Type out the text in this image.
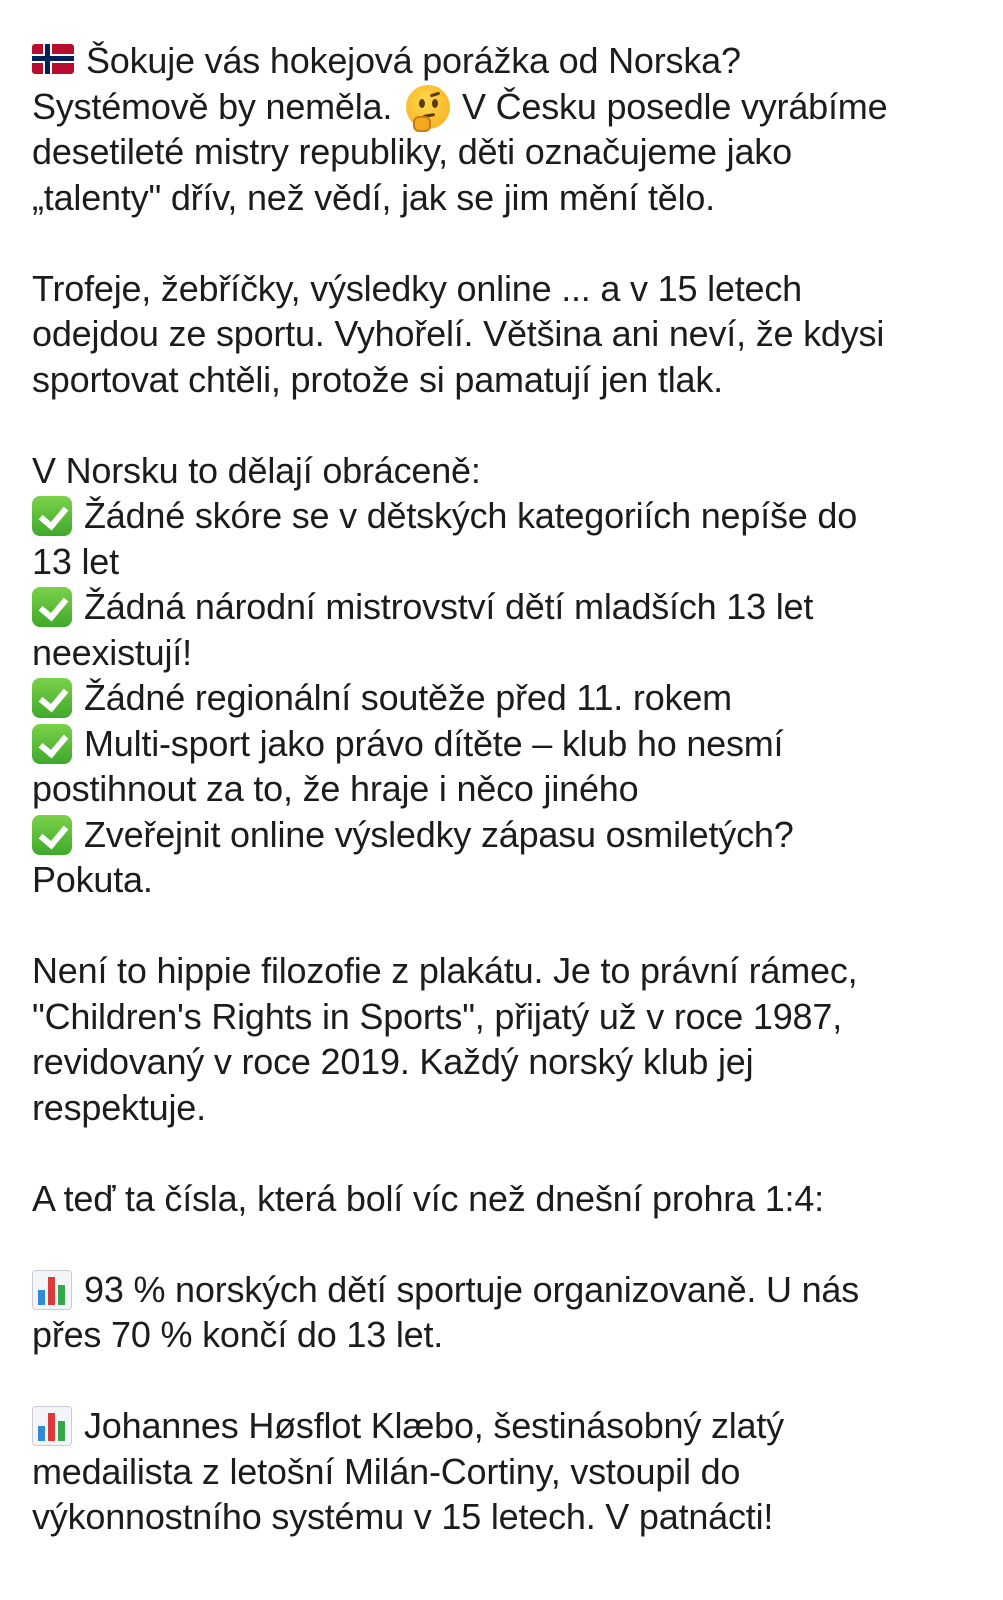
Šokuje vás hokejová porážka od Norska?
Systémově by neměla. V Česku posedle vyrábíme
desetileté mistry republiky, děti označujeme jako
„talenty" dřív, než vědí, jak se jim mění tělo.

Trofeje, žebříčky, výsledky online ... a v 15 letech
odejdou ze sportu. Vyhořelí. Většina ani neví, že kdysi
sportovat chtěli, protože si pamatují jen tlak.

V Norsku to dělají obráceně:
Žádné skóre se v dětských kategoriích nepíše do
13 let
Žádná národní mistrovství dětí mladších 13 let
neexistují!
Žádné regionální soutěže před 11. rokem
Multi-sport jako právo dítěte – klub ho nesmí
postihnout za to, že hraje i něco jiného
Zveřejnit online výsledky zápasu osmiletých?
Pokuta.

Není to hippie filozofie z plakátu. Je to právní rámec,
"Children's Rights in Sports", přijatý už v roce 1987,
revidovaný v roce 2019. Každý norský klub jej
respektuje.

A teď ta čísla, která bolí víc než dnešní prohra 1:4:

93 % norských dětí sportuje organizovaně. U nás
přes 70 % končí do 13 let.

Johannes Høsflot Klæbo, šestinásobný zlatý
medailista z letošní Milán-Cortiny, vstoupil do
výkonnostního systému v 15 letech. V patnácti!
